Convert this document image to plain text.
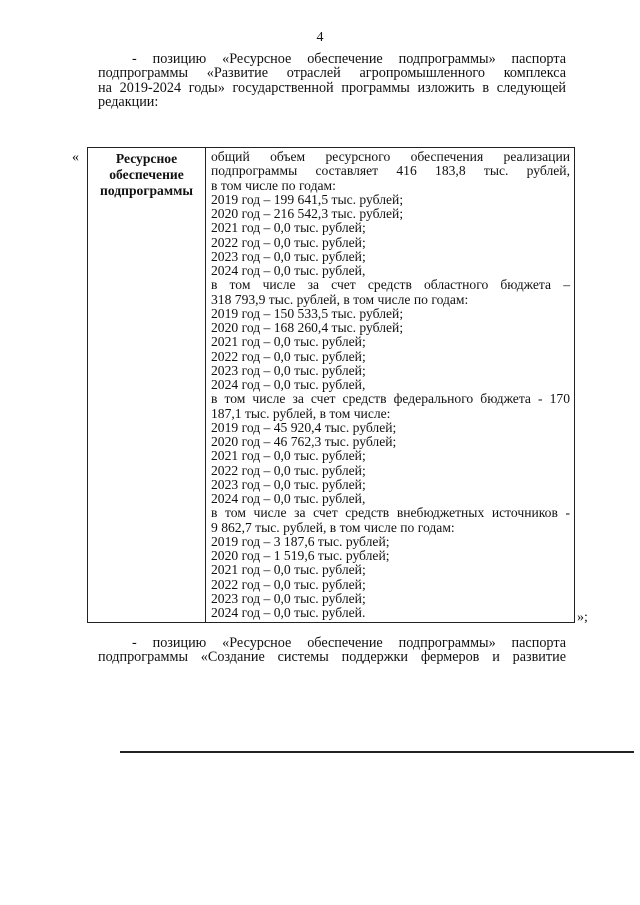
4
- позицию «Ресурсное обеспечение подпрограммы» паспорта
подпрограммы «Развитие отраслей агропромышленного комплекса
на 2019-2024 годы» государственной программы изложить в следующей
редакции:
«	Ресурсное
обеспечение
подпрограммы

общий объем ресурсного обеспечения реализации
подпрограммы составляет 416 183,8 тыс. рублей,
в том числе по годам:
2019 год – 199 641,5 тыс. рублей;
2020 год – 216 542,3 тыс. рублей;
2021 год – 0,0 тыс. рублей;
2022 год – 0,0 тыс. рублей;
2023 год – 0,0 тыс. рублей;
2024 год – 0,0 тыс. рублей,
в том числе за счет средств областного бюджета –
318 793,9 тыс. рублей, в том числе по годам:
2019 год – 150 533,5 тыс. рублей;
2020 год – 168 260,4 тыс. рублей;
2021 год – 0,0 тыс. рублей;
2022 год – 0,0 тыс. рублей;
2023 год – 0,0 тыс. рублей;
2024 год – 0,0 тыс. рублей,
в том числе за счет средств федерального бюджета - 170
187,1 тыс. рублей, в том числе:
2019 год – 45 920,4 тыс. рублей;
2020 год – 46 762,3 тыс. рублей;
2021 год – 0,0 тыс. рублей;
2022 год – 0,0 тыс. рублей;
2023 год – 0,0 тыс. рублей;
2024 год – 0,0 тыс. рублей,
в том числе за счет средств внебюджетных источников -
9 862,7 тыс. рублей, в том числе по годам:
2019 год – 3 187,6 тыс. рублей;
2020 год – 1 519,6 тыс. рублей;
2021 год – 0,0 тыс. рублей;
2022 год – 0,0 тыс. рублей;
2023 год – 0,0 тыс. рублей;
2024 год – 0,0 тыс. рублей.	»;
- позицию «Ресурсное обеспечение подпрограммы» паспорта
подпрограммы «Создание системы поддержки фермеров и развитие
